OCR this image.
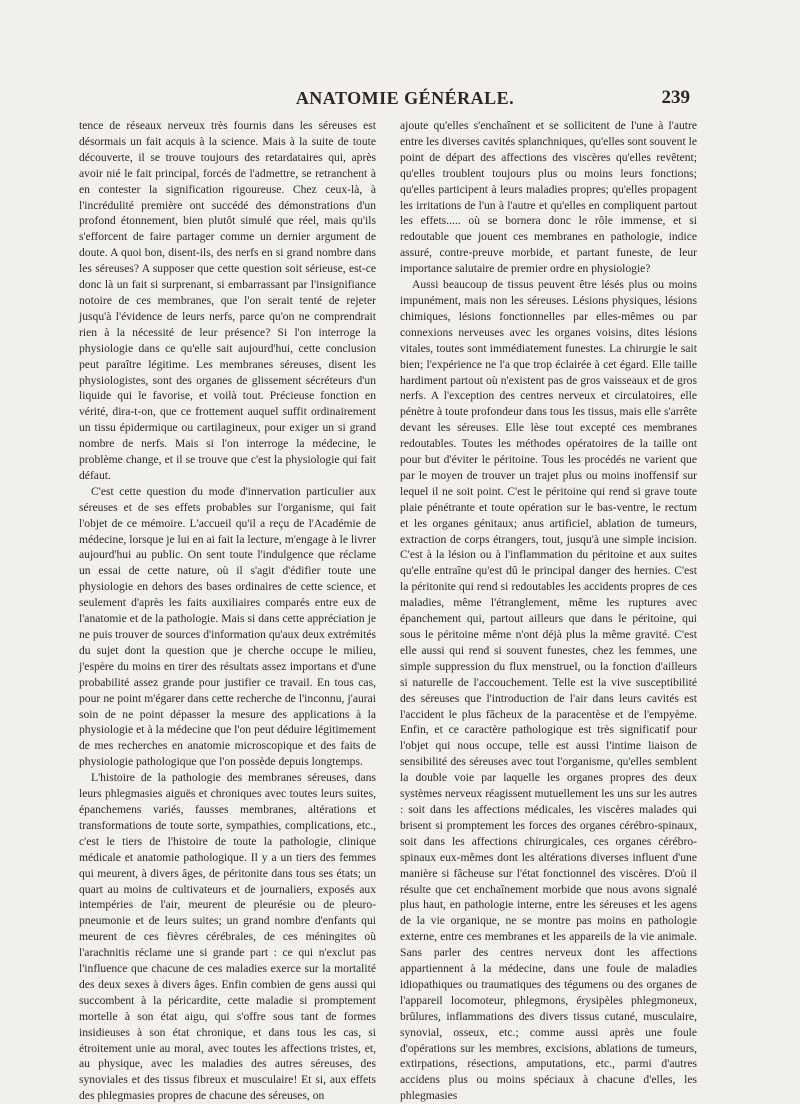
ANATOMIE GÉNÉRALE.	239

tence de réseaux nerveux très fournis dans les séreuses est désormais un fait acquis à la science. Mais à la suite de toute découverte, il se trouve toujours des retardataires qui, après avoir nié le fait principal, forcés de l'admettre, se retranchent à en contester la signification rigoureuse. Chez ceux-là, à l'incrédulité première ont succédé des démonstrations d'un profond étonnement, bien plutôt simulé que réel, mais qu'ils s'efforcent de faire partager comme un dernier argument de doute. A quoi bon, disent-ils, des nerfs en si grand nombre dans les séreuses? A supposer que cette question soit sérieuse, est-ce donc là un fait si surprenant, si embarrassant par l'insignifiance notoire de ces membranes, que l'on serait tenté de rejeter jusqu'à l'évidence de leurs nerfs, parce qu'on ne comprendrait rien à la nécessité de leur présence? Si l'on interroge la physiologie dans ce qu'elle sait aujourd'hui, cette conclusion peut paraître légitime. Les membranes séreuses, disent les physiologistes, sont des organes de glissement sécréteurs d'un liquide qui le favorise, et voilà tout. Précieuse fonction en vérité, dira-t-on, que ce frottement auquel suffit ordinairement un tissu épidermique ou cartilagineux, pour exiger un si grand nombre de nerfs. Mais si l'on interroge la médecine, le problème change, et il se trouve que c'est la physiologie qui fait défaut.

C'est cette question du mode d'innervation particulier aux séreuses et de ses effets probables sur l'organisme, qui fait l'objet de ce mémoire. L'accueil qu'il a reçu de l'Académie de médecine, lorsque je lui en ai fait la lecture, m'engage à le livrer aujourd'hui au public. On sent toute l'indulgence que réclame un essai de cette nature, où il s'agit d'édifier toute une physiologie en dehors des bases ordinaires de cette science, et seulement d'après les faits auxiliaires comparés entre eux de l'anatomie et de la pathologie. Mais si dans cette appréciation je ne puis trouver de sources d'information qu'aux deux extrémités du sujet dont la question que je cherche occupe le milieu, j'espère du moins en tirer des résultats assez importans et d'une probabilité assez grande pour justifier ce travail. En tous cas, pour ne point m'égarer dans cette recherche de l'inconnu, j'aurai soin de ne point dépasser la mesure des applications à la physiologie et à la médecine que l'on peut déduire légitimement de mes recherches en anatomie microscopique et des faits de physiologie pathologique que l'on possède depuis longtemps.

L'histoire de la pathologie des membranes séreuses, dans leurs phlegmasies aiguës et chroniques avec toutes leurs suites, épanchemens variés, fausses membranes, altérations et transformations de toute sorte, sympathies, complications, etc., c'est le tiers de l'histoire de toute la pathologie, clinique médicale et anatomie pathologique. Il y a un tiers des femmes qui meurent, à divers âges, de péritonite dans tous ses états; un quart au moins de cultivateurs et de journaliers, exposés aux intempéries de l'air, meurent de pleurésie ou de pleuro-pneumonie et de leurs suites; un grand nombre d'enfants qui meurent de ces fièvres cérébrales, de ces méningites où l'arachnitis réclame une si grande part : ce qui n'exclut pas l'influence que chacune de ces maladies exerce sur la mortalité des deux sexes à divers âges. Enfin combien de gens aussi qui succombent à la péricardite, cette maladie si promptement mortelle à son état aigu, qui s'offre sous tant de formes insidieuses à son état chronique, et dans tous les cas, si étroitement unie au moral, avec toutes les affections tristes, et, au physique, avec les maladies des autres séreuses, des synoviales et des tissus fibreux et musculaire! Et si, aux effets des phlegmasies propres de chacune des séreuses, on

ajoute qu'elles s'enchaînent et se sollicitent de l'une à l'autre entre les diverses cavités splanchniques, qu'elles sont souvent le point de départ des affections des viscères qu'elles revêtent; qu'elles troublent toujours plus ou moins leurs fonctions; qu'elles participent à leurs maladies propres; qu'elles propagent les irritations de l'un à l'autre et qu'elles en compliquent partout les effets..... où se bornera donc le rôle immense, et si redoutable que jouent ces membranes en pathologie, indice assuré, contre-preuve morbide, et partant funeste, de leur importance salutaire de premier ordre en physiologie?

Aussi beaucoup de tissus peuvent être lésés plus ou moins impunément, mais non les séreuses. Lésions physiques, lésions chimiques, lésions fonctionnelles par elles-mêmes ou par connexions nerveuses avec les organes voisins, dites lésions vitales, toutes sont immédiatement funestes. La chirurgie le sait bien; l'expérience ne l'a que trop éclairée à cet égard. Elle taille hardiment partout où n'existent pas de gros vaisseaux et de gros nerfs. A l'exception des centres nerveux et circulatoires, elle pénètre à toute profondeur dans tous les tissus, mais elle s'arrête devant les séreuses. Elle lèse tout excepté ces membranes redoutables. Toutes les méthodes opératoires de la taille ont pour but d'éviter le péritoine. Tous les procédés ne varient que par le moyen de trouver un trajet plus ou moins inoffensif sur lequel il ne soit point. C'est le péritoine qui rend si grave toute plaie pénétrante et toute opération sur le bas-ventre, le rectum et les organes génitaux; anus artificiel, ablation de tumeurs, extraction de corps étrangers, tout, jusqu'à une simple incision. C'est à la lésion ou à l'inflammation du péritoine et aux suites qu'elle entraîne qu'est dû le principal danger des hernies. C'est la péritonite qui rend si redoutables les accidents propres de ces maladies, même l'étranglement, même les ruptures avec épanchement qui, partout ailleurs que dans le péritoine, qui sous le péritoine même n'ont déjà plus la même gravité. C'est elle aussi qui rend si souvent funestes, chez les femmes, une simple suppression du flux menstruel, ou la fonction d'ailleurs si naturelle de l'accouchement. Telle est la vive susceptibilité des séreuses que l'introduction de l'air dans leurs cavités est l'accident le plus fâcheux de la paracentèse et de l'empyème. Enfin, et ce caractère pathologique est très significatif pour l'objet qui nous occupe, telle est aussi l'intime liaison de sensibilité des séreuses avec tout l'organisme, qu'elles semblent la double voie par laquelle les organes propres des deux systèmes nerveux réagissent mutuellement les uns sur les autres : soit dans les affections médicales, les viscères malades qui brisent si promptement les forces des organes cérébro-spinaux, soit dans les affections chirurgicales, ces organes cérébro-spinaux eux-mêmes dont les altérations diverses influent d'une manière si fâcheuse sur l'état fonctionnel des viscères. D'où il résulte que cet enchaînement morbide que nous avons signalé plus haut, en pathologie interne, entre les séreuses et les agens de la vie organique, ne se montre pas moins en pathologie externe, entre ces membranes et les appareils de la vie animale. Sans parler des centres nerveux dont les affections appartiennent à la médecine, dans une foule de maladies idiopathiques ou traumatiques des tégumens ou des organes de l'appareil locomoteur, phlegmons, érysipèles phlegmoneux, brûlures, inflammations des divers tissus cutané, musculaire, synovial, osseux, etc.; comme aussi après une foule d'opérations sur les membres, excisions, ablations de tumeurs, extirpations, résections, amputations, etc., parmi d'autres accidens plus ou moins spéciaux à chacune d'elles, les phlegmasies
